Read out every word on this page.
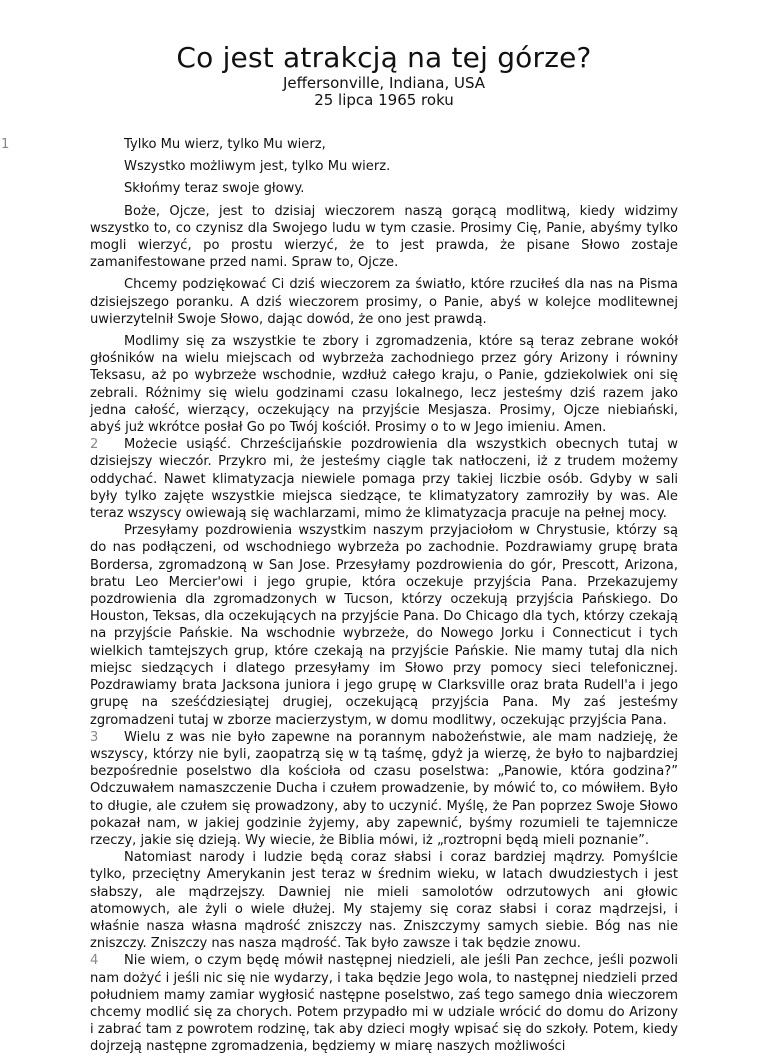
Co jest atrakcją na tej górze?
Jeffersonville, Indiana, USA
25 lipca 1965 roku

1	Tylko Mu wierz, tylko Mu wierz,

Wszystko możliwym jest, tylko Mu wierz.

Skłońmy teraz swoje głowy.

Boże, Ojcze, jest to dzisiaj wieczorem naszą gorącą modlitwą, kiedy widzimy wszystko to, co czynisz dla Swojego ludu w tym czasie. Prosimy Cię, Panie, abyśmy tylko mogli wierzyć, po prostu wierzyć, że to jest prawda, że pisane Słowo zostaje zamanifestowane przed nami. Spraw to, Ojcze.

Chcemy podziękować Ci dziś wieczorem za światło, które rzuciłeś dla nas na Pisma dzisiejszego poranku. A dziś wieczorem prosimy, o Panie, abyś w kolejce modlitewnej uwierzytelnił Swoje Słowo, dając dowód, że ono jest prawdą.

Modlimy się za wszystkie te zbory i zgromadzenia, które są teraz zebrane wokół głośników na wielu miejscach od wybrzeża zachodniego przez góry Arizony i równiny Teksasu, aż po wybrzeże wschodnie, wzdłuż całego kraju, o Panie, gdziekolwiek oni się zebrali. Różnimy się wielu godzinami czasu lokalnego, lecz jesteśmy dziś razem jako jedna całość, wierzący, oczekujący na przyjście Mesjasza. Prosimy, Ojcze niebiański, abyś już wkrótce posłał Go po Twój kościół. Prosimy o to w Jego imieniu. Amen.

2 Możecie usiąść. Chrześcijańskie pozdrowienia dla wszystkich obecnych tutaj w dzisiejszy wieczór. Przykro mi, że jesteśmy ciągle tak natłoczeni, iż z trudem możemy oddychać. Nawet klimatyzacja niewiele pomaga przy takiej liczbie osób. Gdyby w sali były tylko zajęte wszystkie miejsca siedzące, te klimatyzatory zamroziły by was. Ale teraz wszyscy owiewają się wachlarzami, mimo że klimatyzacja pracuje na pełnej mocy.

Przesyłamy pozdrowienia wszystkim naszym przyjaciołom w Chrystusie, którzy są do nas podłączeni, od wschodniego wybrzeża po zachodnie. Pozdrawiamy grupę brata Bordersa, zgromadzoną w San Jose. Przesyłamy pozdrowienia do gór, Prescott, Arizona, bratu Leo Mercier'owi i jego grupie, która oczekuje przyjścia Pana. Przekazujemy pozdrowienia dla zgromadzonych w Tucson, którzy oczekują przyjścia Pańskiego. Do Houston, Teksas, dla oczekujących na przyjście Pana. Do Chicago dla tych, którzy czekają na przyjście Pańskie. Na wschodnie wybrzeże, do Nowego Jorku i Connecticut i tych wielkich tamtejszych grup, które czekają na przyjście Pańskie. Nie mamy tutaj dla nich miejsc siedzących i dlatego przesyłamy im Słowo przy pomocy sieci telefonicznej. Pozdrawiamy brata Jacksona juniora i jego grupę w Clarksville oraz brata Rudell'a i jego grupę na sześćdziesiątej drugiej, oczekującą przyjścia Pana. My zaś jesteśmy zgromadzeni tutaj w zborze macierzystym, w domu modlitwy, oczekując przyjścia Pana.

3 Wielu z was nie było zapewne na porannym nabożeństwie, ale mam nadzieję, że wszyscy, którzy nie byli, zaopatrzą się w tą taśmę, gdyż ja wierzę, że było to najbardziej bezpośrednie poselstwo dla kościoła od czasu poselstwa: „Panowie, która godzina?” Odczuwałem namaszczenie Ducha i czułem prowadzenie, by mówić to, co mówiłem. Było to długie, ale czułem się prowadzony, aby to uczynić. Myślę, że Pan poprzez Swoje Słowo pokazał nam, w jakiej godzinie żyjemy, aby zapewnić, byśmy rozumieli te tajemnicze rzeczy, jakie się dzieją. Wy wiecie, że Biblia mówi, iż „roztropni będą mieli poznanie”.

Natomiast narody i ludzie będą coraz słabsi i coraz bardziej mądrzy. Pomyślcie tylko, przeciętny Amerykanin jest teraz w średnim wieku, w latach dwudziestych i jest słabszy, ale mądrzejszy. Dawniej nie mieli samolotów odrzutowych ani głowic atomowych, ale żyli o wiele dłużej. My stajemy się coraz słabsi i coraz mądrzejsi, i właśnie nasza własna mądrość zniszczy nas. Zniszczymy samych siebie. Bóg nas nie zniszczy. Zniszczy nas nasza mądrość. Tak było zawsze i tak będzie znowu.

4 Nie wiem, o czym będę mówił następnej niedzieli, ale jeśli Pan zechce, jeśli pozwoli nam dożyć i jeśli nic się nie wydarzy, i taka będzie Jego wola, to następnej niedzieli przed południem mamy zamiar wygłosić następne poselstwo, zaś tego samego dnia wieczorem chcemy modlić się za chorych. Potem przypadło mi w udziale wrócić do domu do Arizony i zabrać tam z powrotem rodzinę, tak aby dzieci mogły wpisać się do szkoły. Potem, kiedy dojrzeją następne zgromadzenia, będziemy w miarę naszych możliwości
